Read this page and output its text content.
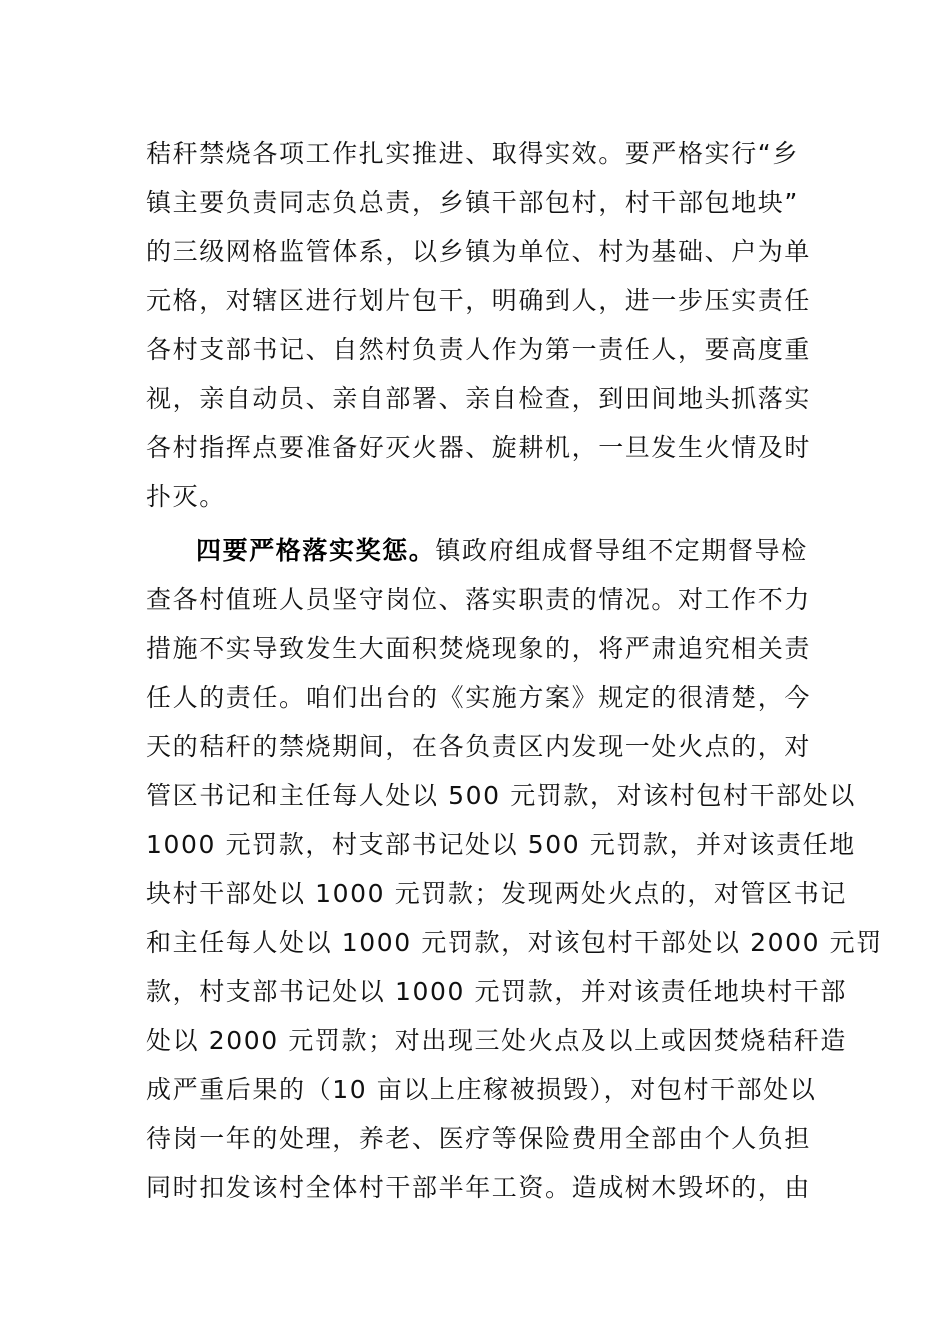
秸秆禁烧各项工作扎实推进、取得实效。要严格实行“乡
镇主要负责同志负总责，乡镇干部包村，村干部包地块”
的三级网格监管体系，以乡镇为单位、村为基础、户为单
元格，对辖区进行划片包干，明确到人，进一步压实责任
各村支部书记、自然村负责人作为第一责任人，要高度重
视，亲自动员、亲自部署、亲自检查，到田间地头抓落实
各村指挥点要准备好灭火器、旋耕机，一旦发生火情及时
扑灭。
四要严格落实奖惩。镇政府组成督导组不定期督导检
查各村值班人员坚守岗位、落实职责的情况。对工作不力
措施不实导致发生大面积焚烧现象的，将严肃追究相关责
任人的责任。咱们出台的《实施方案》规定的很清楚，今
天的秸秆的禁烧期间，在各负责区内发现一处火点的，对
管区书记和主任每人处以 500 元罚款，对该村包村干部处以
1000 元罚款，村支部书记处以 500 元罚款，并对该责任地
块村干部处以 1000 元罚款；发现两处火点的，对管区书记
和主任每人处以 1000 元罚款，对该包村干部处以 2000 元罚
款，村支部书记处以 1000 元罚款，并对该责任地块村干部
处以 2000 元罚款；对出现三处火点及以上或因焚烧秸秆造
成严重后果的（10 亩以上庄稼被损毁），对包村干部处以
待岗一年的处理，养老、医疗等保险费用全部由个人负担
同时扣发该村全体村干部半年工资。造成树木毁坏的，由
